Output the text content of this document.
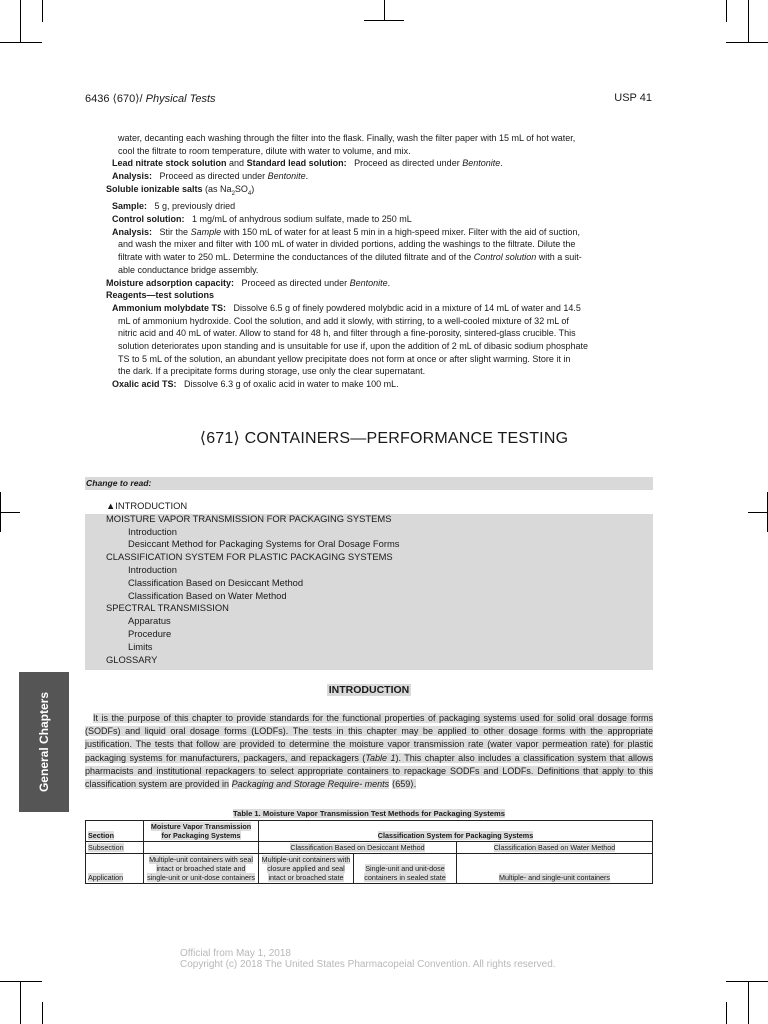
6436 ⟨670⟩/ Physical Tests	USP 41

water, decanting each washing through the filter into the flask. Finally, wash the filter paper with 15 mL of hot water,

cool the filtrate to room temperature, dilute with water to volume, and mix.

Lead nitrate stock solution and Standard lead solution: Proceed as directed under Bentonite.

Analysis: Proceed as directed under Bentonite.

Soluble ionizable salts (as $Na_2SO_4$)

Sample: 5 g, previously dried

Control solution: 1 mg/mL of anhydrous sodium sulfate, made to 250 mL

Analysis: Stir the Sample with 150 mL of water for at least 5 min in a high-speed mixer. Filter with the aid of suction,

and wash the mixer and filter with 100 mL of water in divided portions, adding the washings to the filtrate. Dilute the

filtrate with water to 250 mL. Determine the conductances of the diluted filtrate and of the Control solution with a suit-

able conductance bridge assembly.

Moisture adsorption capacity: Proceed as directed under Bentonite.

Reagents—test solutions

Ammonium molybdate TS: Dissolve 6.5 g of finely powdered molybdic acid in a mixture of 14 mL of water and 14.5

mL of ammonium hydroxide. Cool the solution, and add it slowly, with stirring, to a well-cooled mixture of 32 mL of

nitric acid and 40 mL of water. Allow to stand for 48 h, and filter through a fine-porosity, sintered-glass crucible. This

solution deteriorates upon standing and is unsuitable for use if, upon the addition of 2 mL of dibasic sodium phosphate

TS to 5 mL of the solution, an abundant yellow precipitate does not form at once or after slight warming. Store it in

the dark. If a precipitate forms during storage, use only the clear supernatant.

Oxalic acid TS: Dissolve 6.3 g of oxalic acid in water to make 100 mL.

⟨671⟩ CONTAINERS—PERFORMANCE TESTING
Change to read:
▲INTRODUCTION
MOISTURE VAPOR TRANSMISSION FOR PACKAGING SYSTEMS
Introduction
Desiccant Method for Packaging Systems for Oral Dosage Forms
CLASSIFICATION SYSTEM FOR PLASTIC PACKAGING SYSTEMS
Introduction
Classification Based on Desiccant Method
Classification Based on Water Method
SPECTRAL TRANSMISSION
Apparatus
Procedure
Limits
GLOSSARY
General Chapters
INTRODUCTION
It is the purpose of this chapter to provide standards for the functional properties of packaging systems used for solid oral dosage forms (SODFs) and liquid oral dosage forms (LODFs). The tests in this chapter may be applied to other dosage forms with the appropriate justification. The tests that follow are provided to determine the moisture vapor transmission rate (water vapor permeation rate) for plastic packaging systems for manufacturers, packagers, and repackagers (Table 1). This chapter also includes a classification system that allows pharmacists and institutional repackagers to select appropriate containers to repackage SODFs and LODFs. Definitions that apply to this classification system are provided in Packaging and Storage Require- ments ⟨659⟩.
Table 1. Moisture Vapor Transmission Test Methods for Packaging Systems
Section	Moisture Vapor Transmission for Packaging Systems	Classification System for Packaging Systems		
Subsection		Classification Based on Desiccant Method		Classification Based on Water Method
Application	Multiple-unit containers with seal intact or broached state and single-unit or unit-dose containers	Multiple-unit containers with closure applied and seal intact or broached state	Single-unit and unit-dose containers in sealed state	Multiple- and single-unit containers
Official from May 1, 2018
Copyright (c) 2018 The United States Pharmacopeial Convention. All rights reserved.
